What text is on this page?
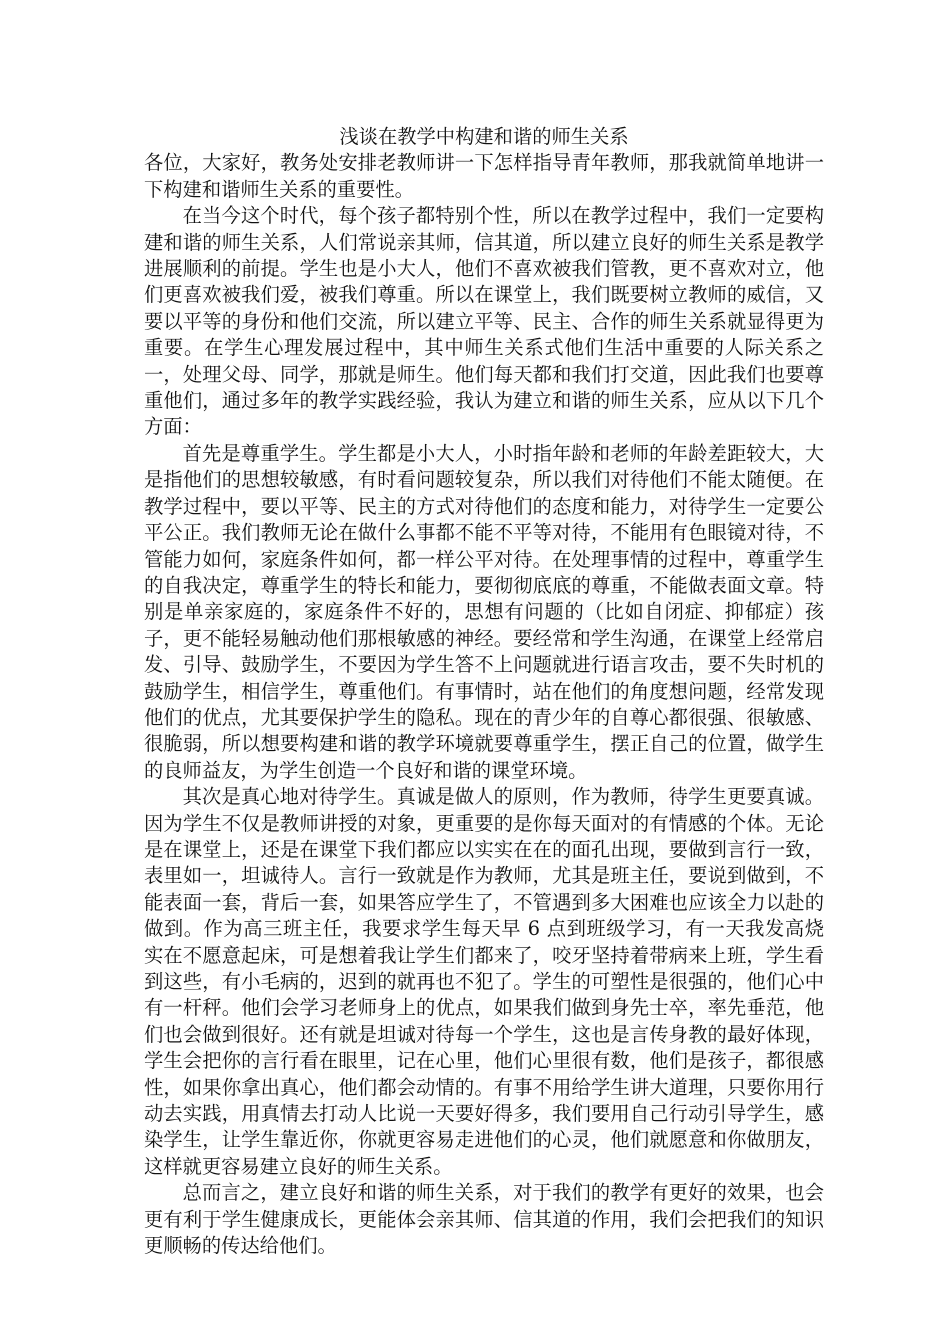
浅谈在教学中构建和谐的师生关系

各位，大家好，教务处安排老教师讲一下怎样指导青年教师，那我就简单地讲一下构建和谐师生关系的重要性。

在当今这个时代，每个孩子都特别个性，所以在教学过程中，我们一定要构建和谐的师生关系，人们常说亲其师，信其道，所以建立良好的师生关系是教学进展顺利的前提。学生也是小大人，他们不喜欢被我们管教，更不喜欢对立，他们更喜欢被我们爱，被我们尊重。所以在课堂上，我们既要树立教师的威信，又要以平等的身份和他们交流，所以建立平等、民主、合作的师生关系就显得更为重要。在学生心理发展过程中，其中师生关系式他们生活中重要的人际关系之一，处理父母、同学，那就是师生。他们每天都和我们打交道，因此我们也要尊重他们，通过多年的教学实践经验，我认为建立和谐的师生关系，应从以下几个方面：

首先是尊重学生。学生都是小大人，小时指年龄和老师的年龄差距较大，大是指他们的思想较敏感，有时看问题较复杂，所以我们对待他们不能太随便。在教学过程中，要以平等、民主的方式对待他们的态度和能力，对待学生一定要公平公正。我们教师无论在做什么事都不能不平等对待，不能用有色眼镜对待，不管能力如何，家庭条件如何，都一样公平对待。在处理事情的过程中，尊重学生的自我决定，尊重学生的特长和能力，要彻彻底底的尊重，不能做表面文章。特别是单亲家庭的，家庭条件不好的，思想有问题的（比如自闭症、抑郁症）孩子，更不能轻易触动他们那根敏感的神经。要经常和学生沟通，在课堂上经常启发、引导、鼓励学生，不要因为学生答不上问题就进行语言攻击，要不失时机的鼓励学生，相信学生，尊重他们。有事情时，站在他们的角度想问题，经常发现他们的优点，尤其要保护学生的隐私。现在的青少年的自尊心都很强、很敏感、很脆弱，所以想要构建和谐的教学环境就要尊重学生，摆正自己的位置，做学生的良师益友，为学生创造一个良好和谐的课堂环境。

其次是真心地对待学生。真诚是做人的原则，作为教师，待学生更要真诚。因为学生不仅是教师讲授的对象，更重要的是你每天面对的有情感的个体。无论是在课堂上，还是在课堂下我们都应以实实在在的面孔出现，要做到言行一致，表里如一，坦诚待人。言行一致就是作为教师，尤其是班主任，要说到做到，不能表面一套，背后一套，如果答应学生了，不管遇到多大困难也应该全力以赴的做到。作为高三班主任，我要求学生每天早 6 点到班级学习，有一天我发高烧实在不愿意起床，可是想着我让学生们都来了，咬牙坚持着带病来上班，学生看到这些，有小毛病的，迟到的就再也不犯了。学生的可塑性是很强的，他们心中有一杆秤。他们会学习老师身上的优点，如果我们做到身先士卒，率先垂范，他们也会做到很好。还有就是坦诚对待每一个学生，这也是言传身教的最好体现，学生会把你的言行看在眼里，记在心里，他们心里很有数，他们是孩子，都很感性，如果你拿出真心，他们都会动情的。有事不用给学生讲大道理，只要你用行动去实践，用真情去打动人比说一天要好得多，我们要用自己行动引导学生，感染学生，让学生靠近你，你就更容易走进他们的心灵，他们就愿意和你做朋友，这样就更容易建立良好的师生关系。

总而言之，建立良好和谐的师生关系，对于我们的教学有更好的效果，也会更有利于学生健康成长，更能体会亲其师、信其道的作用，我们会把我们的知识更顺畅的传达给他们。
